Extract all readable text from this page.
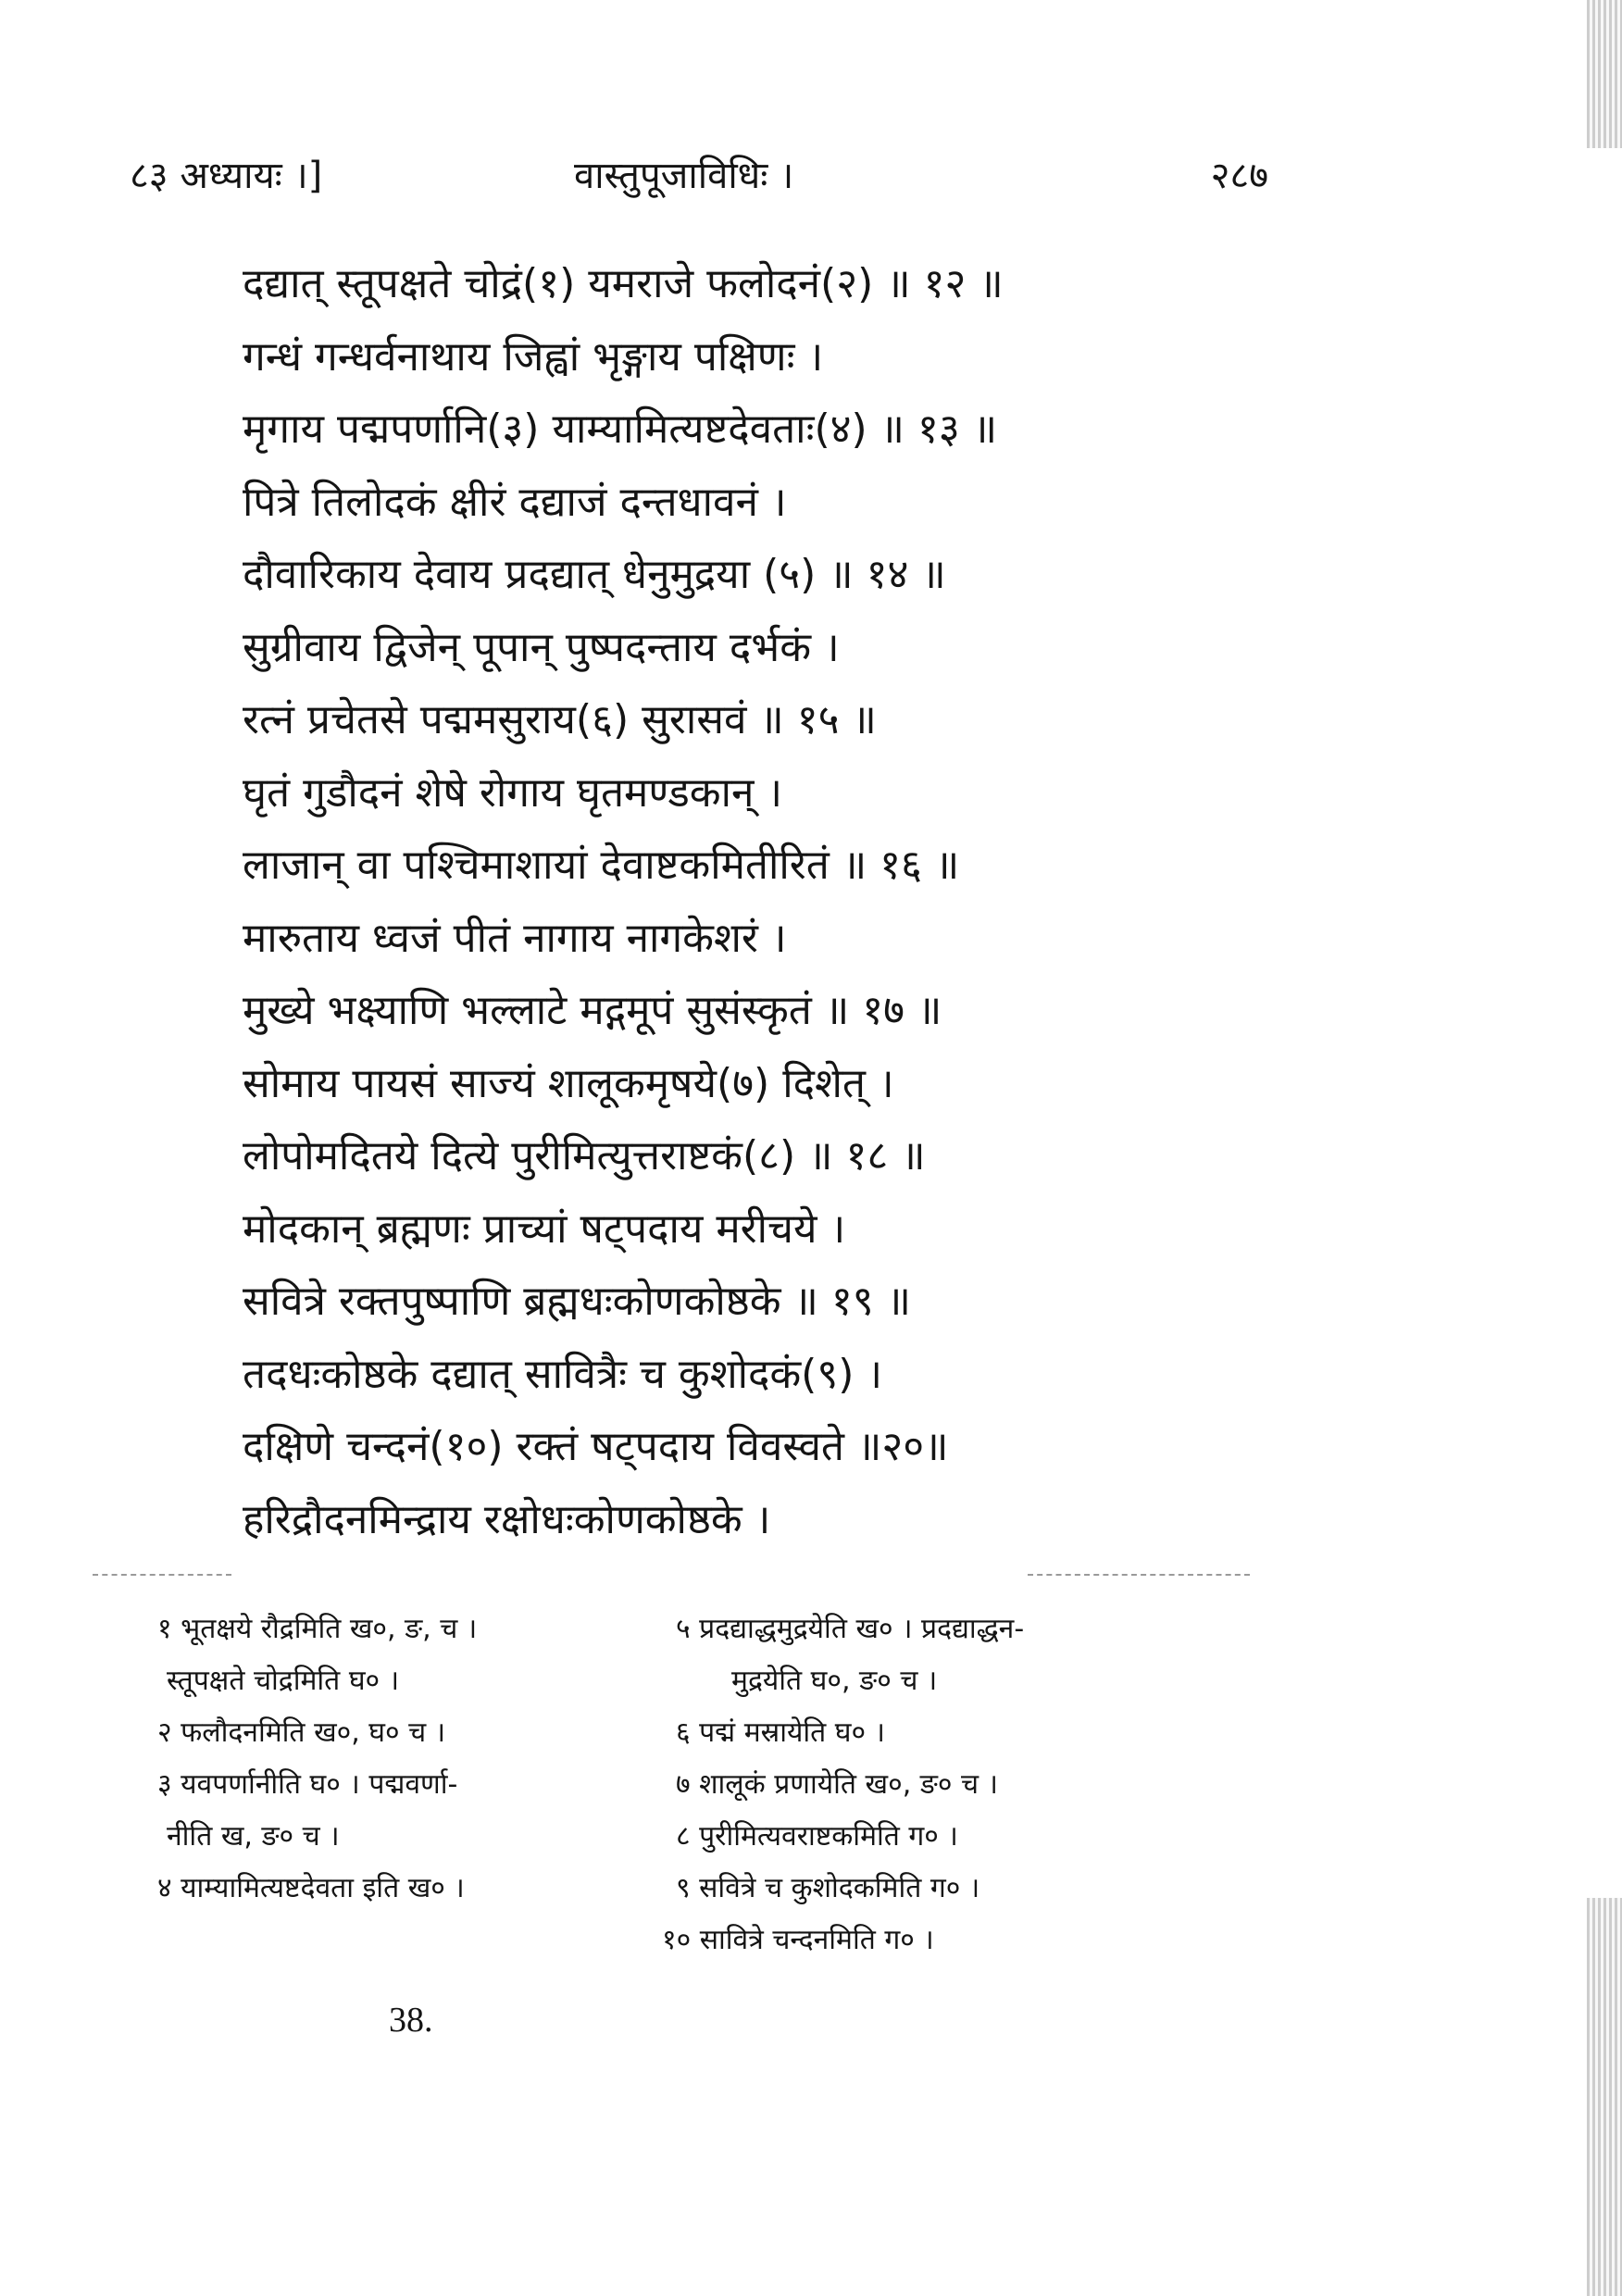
८३ अध्यायः ।]	वास्तुपूजाविधिः ।	२८७
दद्यात् स्तूपक्षते चोद्रं(१) यमराजे फलोदनं(२) ॥ १२ ॥
गन्धं गन्धर्वनाथाय जिह्वां भृङ्गाय पक्षिणः ।
मृगाय पद्मपर्णानि(३) याम्यामित्यष्टदेवताः(४) ॥ १३ ॥
पित्रे तिलोदकं क्षीरं दद्याजं दन्तधावनं ।
दौवारिकाय देवाय प्रदद्यात् धेनुमुद्रया (५) ॥ १४ ॥
सुग्रीवाय द्विजेन् पूपान् पुष्पदन्ताय दर्भकं ।
रत्नं प्रचेतसे पद्ममसुराय(६) सुरासवं ॥ १५ ॥
घृतं गुडौदनं शेषे रोगाय घृतमण्डकान् ।
लाजान् वा पश्चिमाशायां देवाष्टकमितीरितं ॥ १६ ॥
मारुताय ध्वजं पीतं नागाय नागकेशरं ।
मुख्ये भक्ष्याणि भल्लाटे मद्गमूपं सुसंस्कृतं ॥ १७ ॥
सोमाय पायसं साज्यं शालूकमृषये(७) दिशेत् ।
लोपोमदितये दित्ये पुरीमित्युत्तराष्टकं(८) ॥ १८ ॥
मोदकान् ब्रह्मणः प्राच्यां षट्पदाय मरीचये ।
सवित्रे रक्तपुष्पाणि ब्रह्मधःकोणकोष्ठके ॥ १९ ॥
तदधःकोष्ठके दद्यात् सावित्रैः च कुशोदकं(९) ।
दक्षिणे चन्दनं(१०) रक्तं षट्पदाय विवस्वते ॥२०॥
हरिद्रौदनमिन्द्राय रक्षोधःकोणकोष्ठके ।
१ भूतक्षये रौद्रमिति ख०, ङ, च ।
स्तूपक्षते चोद्रमिति घ० ।
२ फलौदनमिति ख०, घ० च ।
३ यवपर्णानीति घ० । पद्मवर्णा-
नीति ख, ङ० च ।
४ याम्यामित्यष्टदेवता इति ख० ।
५ प्रदद्याद्धमुद्रयेति ख० । प्रदद्याद्धन-
मुद्रयेति घ०, ङ० च ।
६ पद्मं मस्रायेति घ० ।
७ शालूकं प्रणायेति ख०, ङ० च ।
८ पुरीमित्यवराष्टकमिति ग० ।
९ सवित्रे च कुशोदकमिति ग० ।
१० सावित्रे चन्दनमिति ग० ।
38.
